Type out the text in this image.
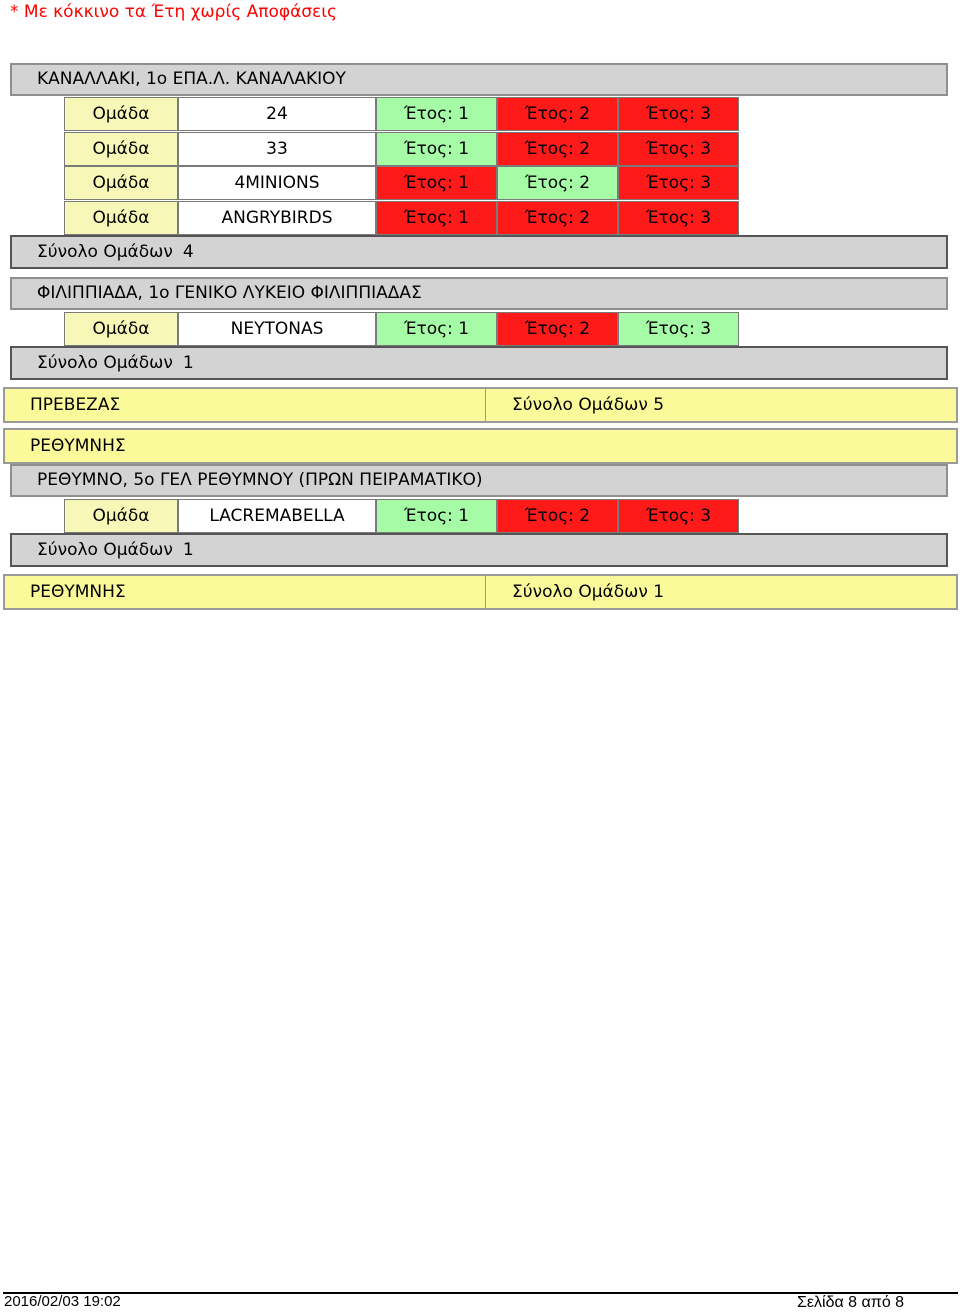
* Με κόκκινο τα Έτη χωρίς Αποφάσεις
ΚΑΝΑΛΛΑΚΙ, 1ο ΕΠΑ.Λ. ΚΑΝΑΛΑΚΙΟΥ
Ομάδα	24	Έτος: 1	Έτος: 2	Έτος: 3
Ομάδα	33	Έτος: 1	Έτος: 2	Έτος: 3
Ομάδα	4MINIONS	Έτος: 1	Έτος: 2	Έτος: 3
Ομάδα	ANGRYBIRDS	Έτος: 1	Έτος: 2	Έτος: 3
Σύνολο Ομάδων 4
ΦΙΛΙΠΠΙΑΔΑ, 1ο ΓΕΝΙΚΟ ΛΥΚΕΙΟ ΦΙΛΙΠΠΙΑΔΑΣ
Ομάδα	NEYTONAS	Έτος: 1	Έτος: 2	Έτος: 3
Σύνολο Ομάδων 1
ΠΡΕΒΕΖΑΣ	Σύνολο Ομάδων 5
ΡΕΘΥΜΝΗΣ
ΡΕΘΥΜΝΟ, 5ο ΓΕΛ ΡΕΘΥΜΝΟΥ (ΠΡΩΝ ΠΕΙΡΑΜΑΤΙΚΟ)
Ομάδα	LACREMABELLA	Έτος: 1	Έτος: 2	Έτος: 3
Σύνολο Ομάδων 1
ΡΕΘΥΜΝΗΣ	Σύνολο Ομάδων 1
2016/02/03 19:02	Σελίδα 8 από 8
